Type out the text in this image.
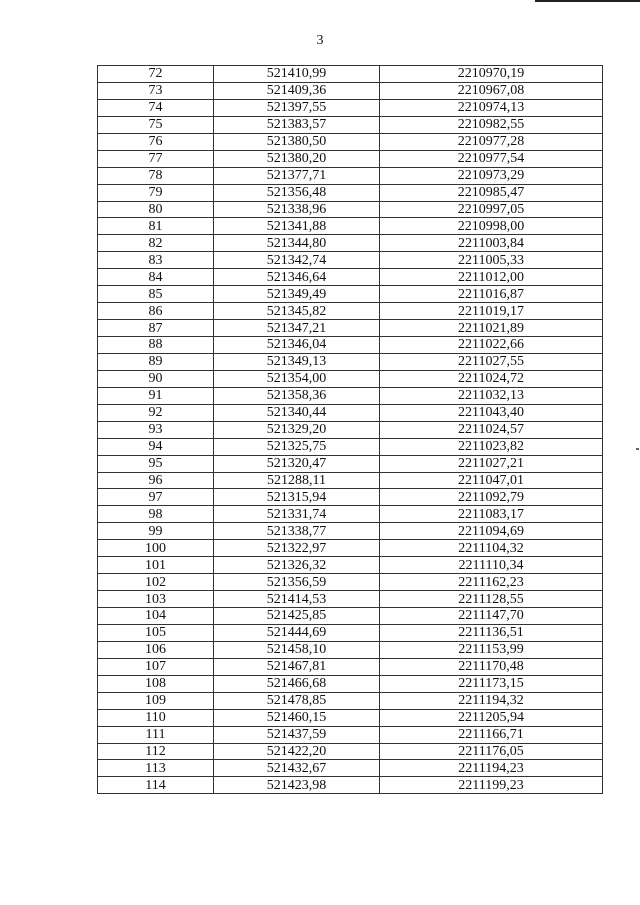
3
72	521410,99	2210970,19
73	521409,36	2210967,08
74	521397,55	2210974,13
75	521383,57	2210982,55
76	521380,50	2210977,28
77	521380,20	2210977,54
78	521377,71	2210973,29
79	521356,48	2210985,47
80	521338,96	2210997,05
81	521341,88	2210998,00
82	521344,80	2211003,84
83	521342,74	2211005,33
84	521346,64	2211012,00
85	521349,49	2211016,87
86	521345,82	2211019,17
87	521347,21	2211021,89
88	521346,04	2211022,66
89	521349,13	2211027,55
90	521354,00	2211024,72
91	521358,36	2211032,13
92	521340,44	2211043,40
93	521329,20	2211024,57
94	521325,75	2211023,82
95	521320,47	2211027,21
96	521288,11	2211047,01
97	521315,94	2211092,79
98	521331,74	2211083,17
99	521338,77	2211094,69
100	521322,97	2211104,32
101	521326,32	2211110,34
102	521356,59	2211162,23
103	521414,53	2211128,55
104	521425,85	2211147,70
105	521444,69	2211136,51
106	521458,10	2211153,99
107	521467,81	2211170,48
108	521466,68	2211173,15
109	521478,85	2211194,32
110	521460,15	2211205,94
111	521437,59	2211166,71
112	521422,20	2211176,05
113	521432,67	2211194,23
114	521423,98	2211199,23
